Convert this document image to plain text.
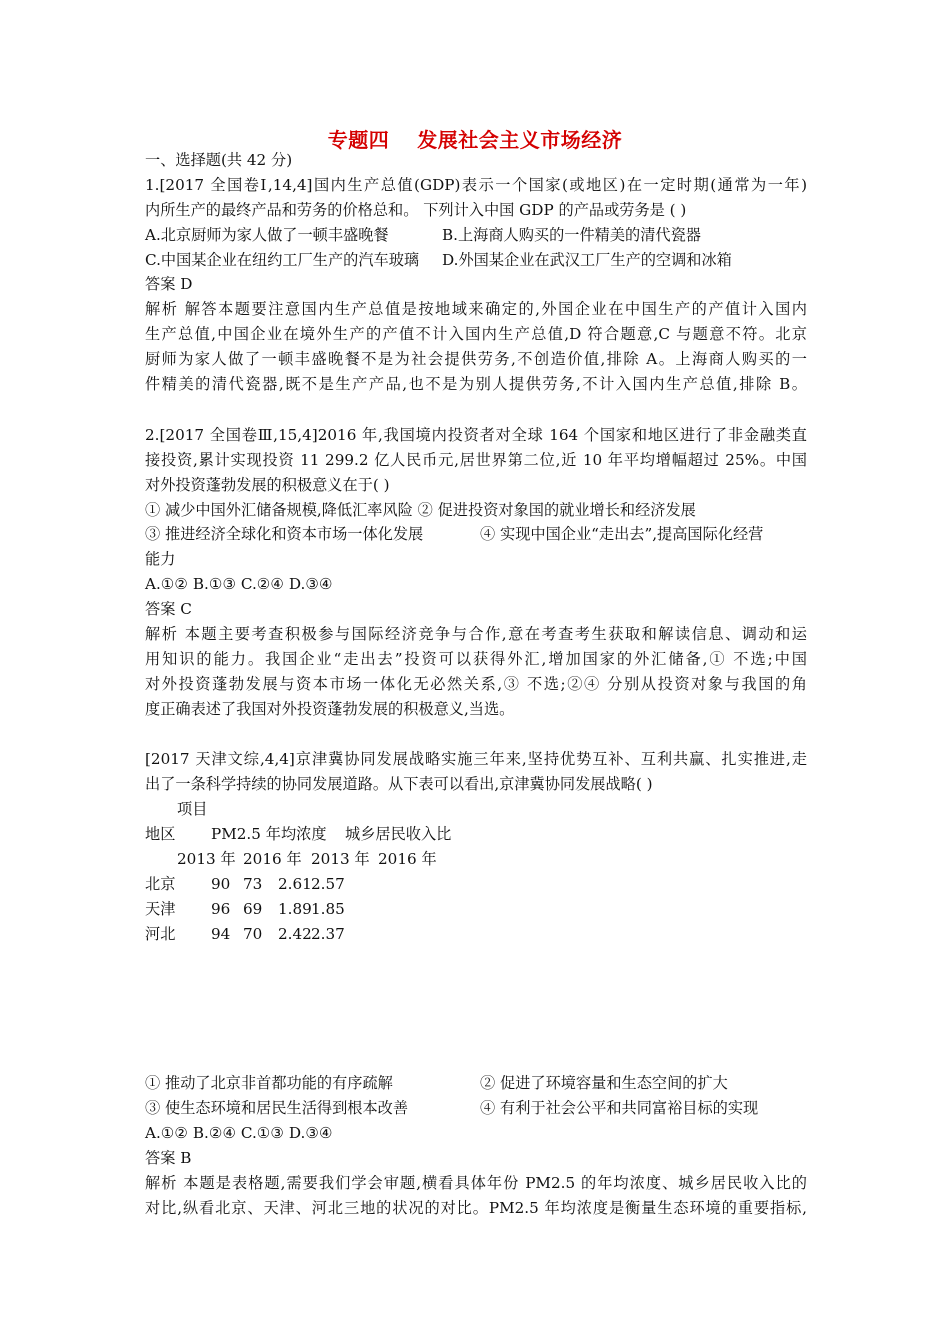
专题四 发展社会主义市场经济
一、选择题(共 42 分)
1.[2017 全国卷Ⅰ,14,4]国内生产总值(GDP)表示一个国家(或地区)在一定时期(通常为一年)
内所生产的最终产品和劳务的价格总和。 下列计入中国 GDP 的产品或劳务是 ( )
A.北京厨师为家人做了一顿丰盛晚餐	B.上海商人购买的一件精美的清代瓷器
C.中国某企业在纽约工厂生产的汽车玻璃 D.外国某企业在武汉工厂生产的空调和冰箱
答案 D
解析 解答本题要注意国内生产总值是按地域来确定的,外国企业在中国生产的产值计入国内
生产总值,中国企业在境外生产的产值不计入国内生产总值,D 符合题意,C 与题意不符。北京
厨师为家人做了一顿丰盛晚餐不是为社会提供劳务,不创造价值,排除 A。上海商人购买的一
件精美的清代瓷器,既不是生产产品,也不是为别人提供劳务,不计入国内生产总值,排除 B。
2.[2017 全国卷Ⅲ,15,4]2016 年,我国境内投资者对全球 164 个国家和地区进行了非金融类直
接投资,累计实现投资 11 299.2 亿人民币元,居世界第二位,近 10 年平均增幅超过 25%。中国
对外投资蓬勃发展的积极意义在于( )
① 减少中国外汇储备规模,降低汇率风险 ② 促进投资对象国的就业增长和经济发展
③ 推进经济全球化和资本市场一体化发展	④ 实现中国企业“走出去”,提高国际化经营
能力
A.①② B.①③ C.②④ D.③④
答案 C
解析 本题主要考查积极参与国际经济竞争与合作,意在考查考生获取和解读信息、调动和运
用知识的能力。我国企业“走出去”投资可以获得外汇,增加国家的外汇储备,① 不选;中国
对外投资蓬勃发展与资本市场一体化无必然关系,③ 不选;②④ 分别从投资对象与我国的角
度正确表述了我国对外投资蓬勃发展的积极意义,当选。
[2017 天津文综,4,4]京津冀协同发展战略实施三年来,坚持优势互补、互利共赢、扎实推进,走
出了一条科学持续的协同发展道路。从下表可以看出,京津冀协同发展战略( )
项目
地区 PM2.5 年均浓度 城乡居民收入比
2013 年 2016 年 2013 年 2016 年
北京 90 73 2.61 2.57
天津 96 69 1.89 1.85
河北 94 70 2.42 2.37
① 推动了北京非首都功能的有序疏解	② 促进了环境容量和生态空间的扩大
③ 使生态环境和居民生活得到根本改善	④ 有利于社会公平和共同富裕目标的实现
A.①② B.②④ C.①③ D.③④
答案 B
解析 本题是表格题,需要我们学会审题,横看具体年份 PM2.5 的年均浓度、城乡居民收入比的
对比,纵看北京、天津、河北三地的状况的对比。PM2.5 年均浓度是衡量生态环境的重要指标,
